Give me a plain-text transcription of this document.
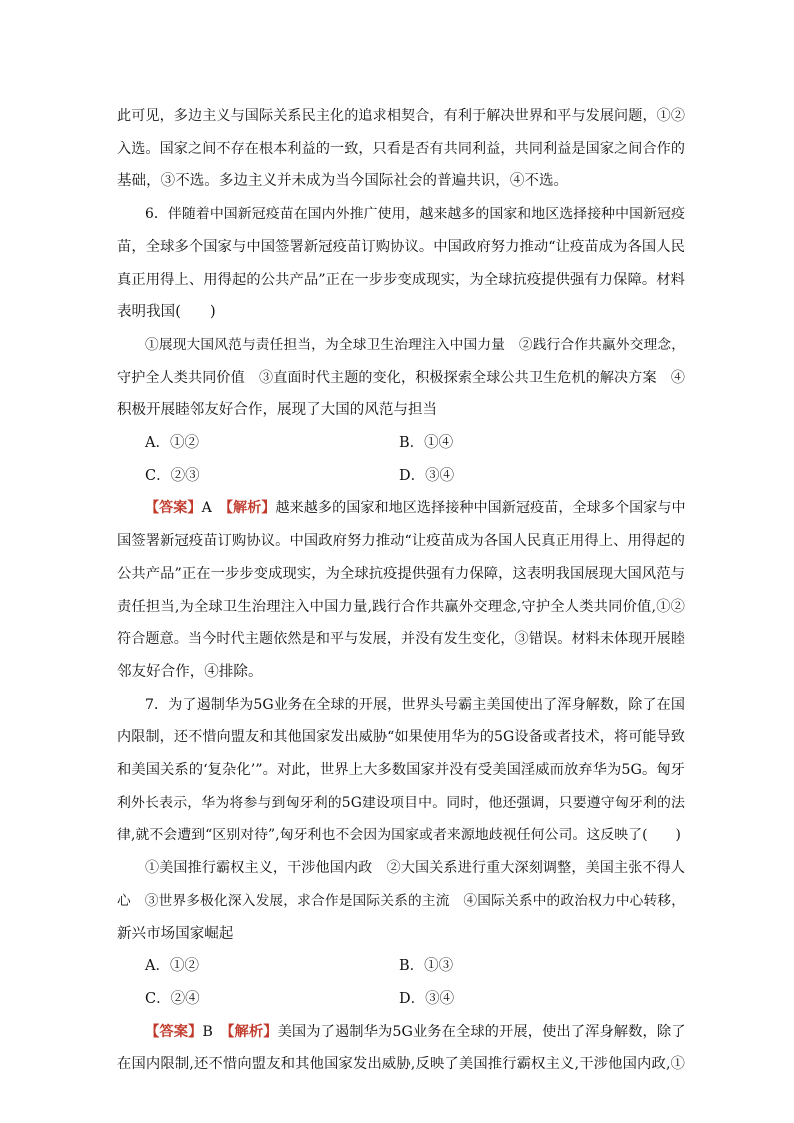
此可见，多边主义与国际关系民主化的追求相契合，有利于解决世界和平与发展问题，①②
入选。国家之间不存在根本利益的一致，只看是否有共同利益，共同利益是国家之间合作的
基础，③不选。多边主义并未成为当今国际社会的普遍共识，④不选。
6．伴随着中国新冠疫苗在国内外推广使用，越来越多的国家和地区选择接种中国新冠疫
苗，全球多个国家与中国签署新冠疫苗订购协议。中国政府努力推动“让疫苗成为各国人民
真正用得上、用得起的公共产品”正在一步步变成现实，为全球抗疫提供强有力保障。材料
表明我国(　　)
①展现大国风范与责任担当，为全球卫生治理注入中国力量　②践行合作共赢外交理念，
守护全人类共同价值　③直面时代主题的变化，积极探索全球公共卫生危机的解决方案　④
积极开展睦邻友好合作，展现了大国的风范与担当
A．①②	B．①④
C．②③	D．③④
【答案】A　 【解析】越来越多的国家和地区选择接种中国新冠疫苗，全球多个国家与中
国签署新冠疫苗订购协议。中国政府努力推动“让疫苗成为各国人民真正用得上、用得起的
公共产品”正在一步步变成现实，为全球抗疫提供强有力保障，这表明我国展现大国风范与
责任担当,为全球卫生治理注入中国力量,践行合作共赢外交理念,守护全人类共同价值,①②
符合题意。当今时代主题依然是和平与发展，并没有发生变化，③错误。材料未体现开展睦
邻友好合作，④排除。
7．为了遏制华为5G业务在全球的开展，世界头号霸主美国使出了浑身解数，除了在国
内限制，还不惜向盟友和其他国家发出威胁“如果使用华为的5G设备或者技术，将可能导致
和美国关系的‘复杂化’”。对此，世界上大多数国家并没有受美国淫威而放弃华为5G。匈牙
利外长表示，华为将参与到匈牙利的5G建设项目中。同时，他还强调，只要遵守匈牙利的法
律,就不会遭到“区别对待”,匈牙利也不会因为国家或者来源地歧视任何公司。这反映了(　　)
①美国推行霸权主义，干涉他国内政　②大国关系进行重大深刻调整，美国主张不得人
心　③世界多极化深入发展，求合作是国际关系的主流　④国际关系中的政治权力中心转移，
新兴市场国家崛起
A．①②	B．①③
C．②④	D．③④
【答案】B　 【解析】美国为了遏制华为5G业务在全球的开展，使出了浑身解数，除了
在国内限制,还不惜向盟友和其他国家发出威胁,反映了美国推行霸权主义,干涉他国内政,①
